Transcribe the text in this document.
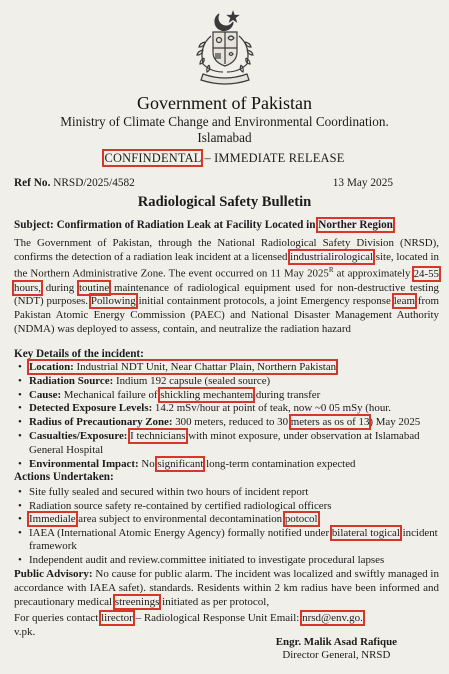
Government of Pakistan
Ministry of Climate Change and Environmental Coordination.
Islamabad
CONFINDENTAL – IMMEDIATE RELEASE
Ref No. NRSD/2025/4582	13 May 2025
Radiological Safety Bulletin
Subject: Confirmation of Radiation Leak at Facility Located in Norther Region
The Government of Pakistan, through the National Radiological Safety Division (NRSD), confirms the detection of a radiation leak incident at a licensed industrialirological site, located in the Northern Administrative Zone. The event occurred on 11 May $2025^R$ at approximately 24-55 hours, during toutine maintenance of radiological equipment used for non-destructive testing (NDT) purposes. Pollowing initial containment protocols, a joint Emergency response leam from Pakistan Atomic Energy Commission (PAEC) and National Disaster Management Authority (NDMA) was deployed to assess, contain, and neutralize the radiation hazard
Key Details of the incident:
• Location: Industrial NDT Unit, Near Chattar Plain, Northern Pakistan
• Radiation Source: Indium 192 capsule (sealed source)
• Cause: Mechanical failure of shickling mechantem during transfer
• Detected Exposure Levels: 14.2 mSv/hour at point of teak, now ~0 05 mSy (hour.
• Radius of Precautionary Zone: 300 meters, reduced to 30 meters as os of 13) May 2025
• Casualties/Exposure: I technicians with minot exposure, under observation at Islamabad General Hospital
• Environmental Impact: No significant long-term contamination expected
Actions Undertaken:
• Site fully sealed and secured within two hours of incident report
• Radiation source safety re-contained by certified radiological officers
• Immediale area subject to environmental decontamination potocol
• IAEA (International Atomic Energy Agency) formally notified under bilateral togical incident framework
• Independent audit and review.committee initiated to investigate procedural lapses
Public Advisory: No cause for public alarm. The incident was localized and swiftly managed in accordance with IAEA safet). standards. Residents within 2 km radius have been informed and precautionary medical streenings initiated as per protocol,
For queries contact lirector – Radiological Response Unit Email: nrsd@env.go.
v.pk.
Engr. Malik Asad Rafique
Director General, NRSD
